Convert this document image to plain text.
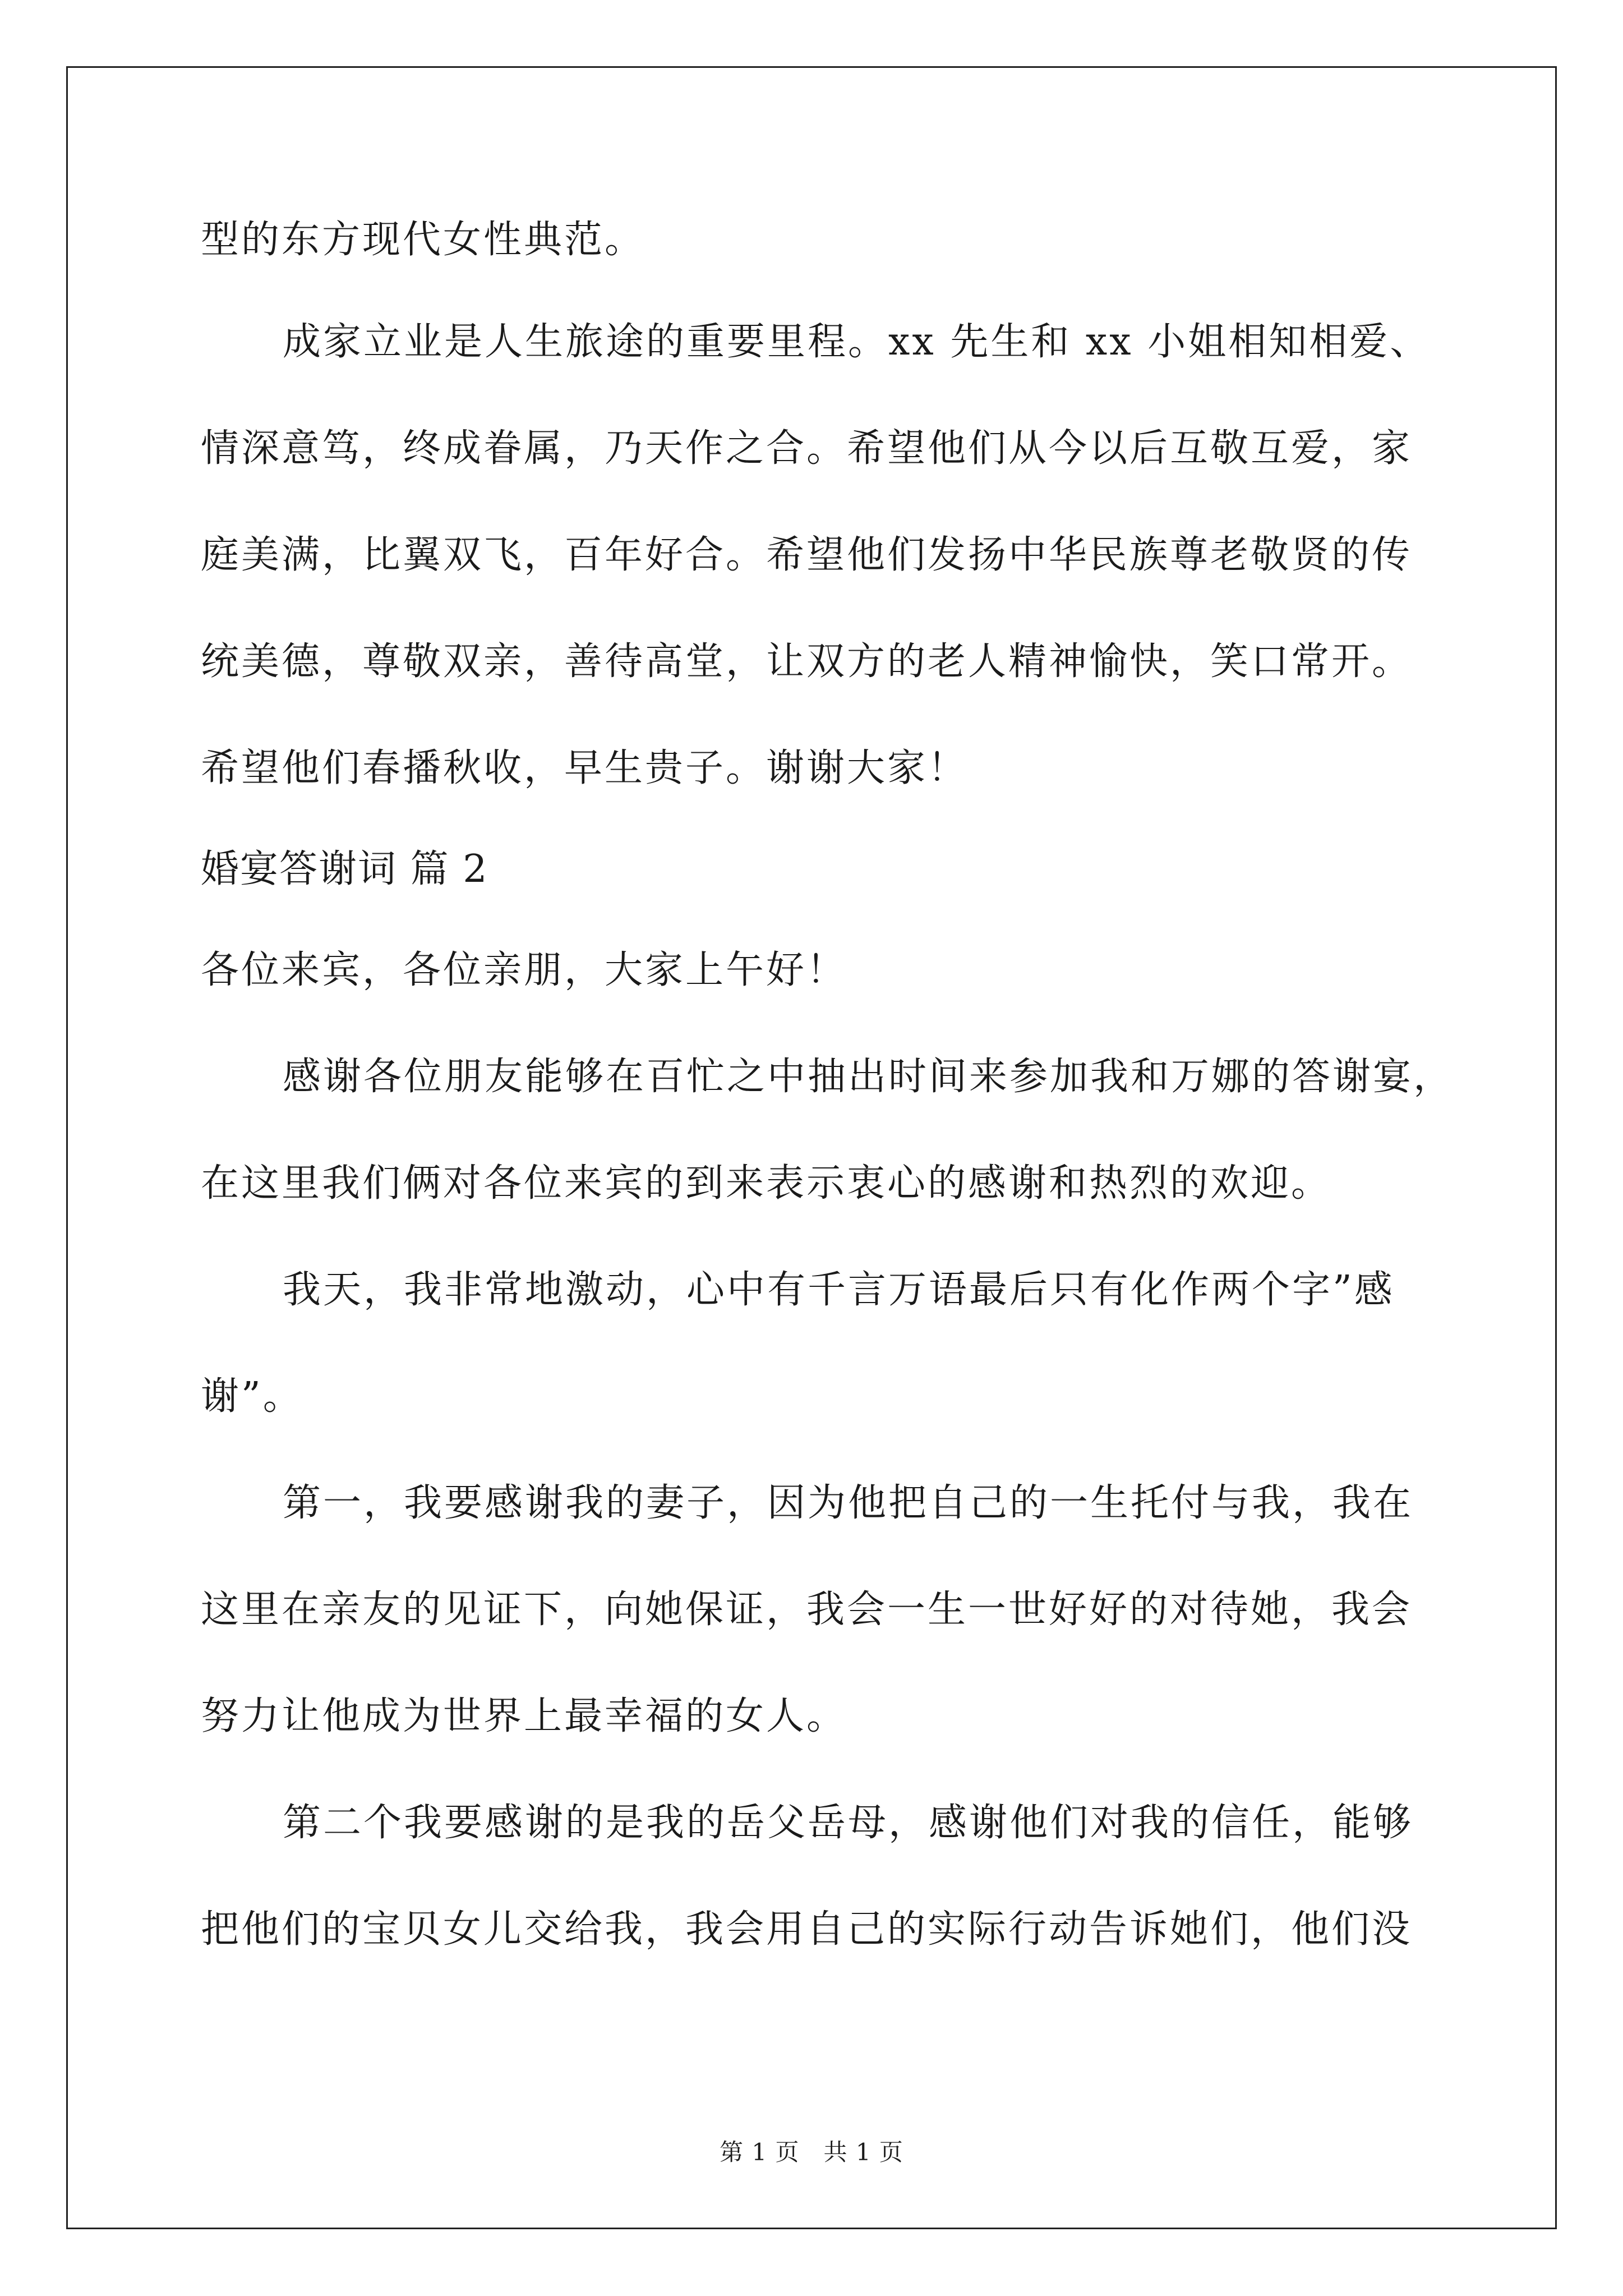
型的东方现代女性典范。
成家立业是人生旅途的重要里程。xx 先生和 xx 小姐相知相爱、
情深意笃，终成眷属，乃天作之合。希望他们从今以后互敬互爱，家
庭美满，比翼双飞，百年好合。希望他们发扬中华民族尊老敬贤的传
统美德，尊敬双亲，善待高堂，让双方的老人精神愉快，笑口常开。
希望他们春播秋收，早生贵子。谢谢大家！
婚宴答谢词 篇 2
各位来宾，各位亲朋，大家上午好！
感谢各位朋友能够在百忙之中抽出时间来参加我和万娜的答谢宴，
在这里我们俩对各位来宾的到来表示衷心的感谢和热烈的欢迎。
我天，我非常地激动，心中有千言万语最后只有化作两个字”感
谢”。
第一，我要感谢我的妻子，因为他把自己的一生托付与我，我在
这里在亲友的见证下，向她保证，我会一生一世好好的对待她，我会
努力让他成为世界上最幸福的女人。
第二个我要感谢的是我的岳父岳母，感谢他们对我的信任，能够
把他们的宝贝女儿交给我，我会用自己的实际行动告诉她们，他们没
第 1 页　共 1 页
